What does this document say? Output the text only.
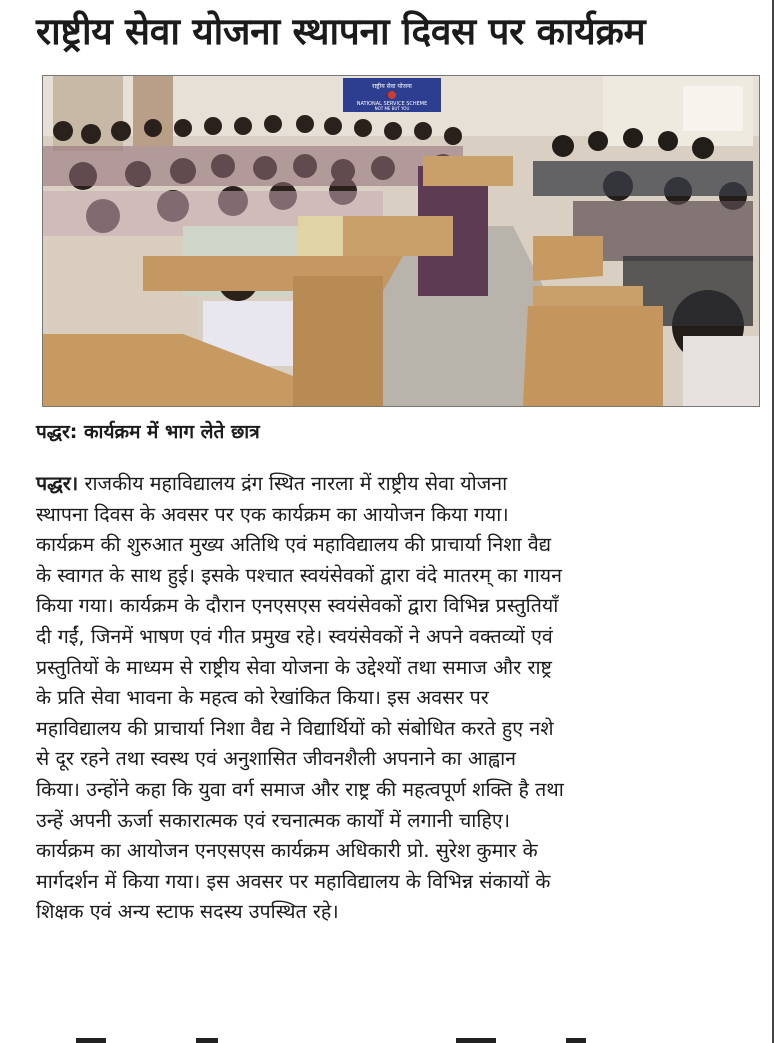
राष्ट्रीय सेवा योजना स्थापना दिवस पर कार्यक्रम
राष्ट्रीय सेवा योजना
NATIONAL SERVICE SCHEME
NOT ME BUT YOU
पद्धर: कार्यक्रम में भाग लेते छात्र
पद्धर। राजकीय महाविद्यालय द्रंग स्थित नारला में राष्ट्रीय सेवा योजना
स्थापना दिवस के अवसर पर एक कार्यक्रम का आयोजन किया गया।
कार्यक्रम की शुरुआत मुख्य अतिथि एवं महाविद्यालय की प्राचार्या निशा वैद्य
के स्वागत के साथ हुई। इसके पश्चात स्वयंसेवकों द्वारा वंदे मातरम् का गायन
किया गया। कार्यक्रम के दौरान एनएसएस स्वयंसेवकों द्वारा विभिन्न प्रस्तुतियाँ
दी गईं, जिनमें भाषण एवं गीत प्रमुख रहे। स्वयंसेवकों ने अपने वक्तव्यों एवं
प्रस्तुतियों के माध्यम से राष्ट्रीय सेवा योजना के उद्देश्यों तथा समाज और राष्ट्र
के प्रति सेवा भावना के महत्व को रेखांकित किया। इस अवसर पर
महाविद्यालय की प्राचार्या निशा वैद्य ने विद्यार्थियों को संबोधित करते हुए नशे
से दूर रहने तथा स्वस्थ एवं अनुशासित जीवनशैली अपनाने का आह्वान
किया। उन्होंने कहा कि युवा वर्ग समाज और राष्ट्र की महत्वपूर्ण शक्ति है तथा
उन्हें अपनी ऊर्जा सकारात्मक एवं रचनात्मक कार्यों में लगानी चाहिए।
कार्यक्रम का आयोजन एनएसएस कार्यक्रम अधिकारी प्रो. सुरेश कुमार के
मार्गदर्शन में किया गया। इस अवसर पर महाविद्यालय के विभिन्न संकायों के
शिक्षक एवं अन्य स्टाफ सदस्य उपस्थित रहे।
